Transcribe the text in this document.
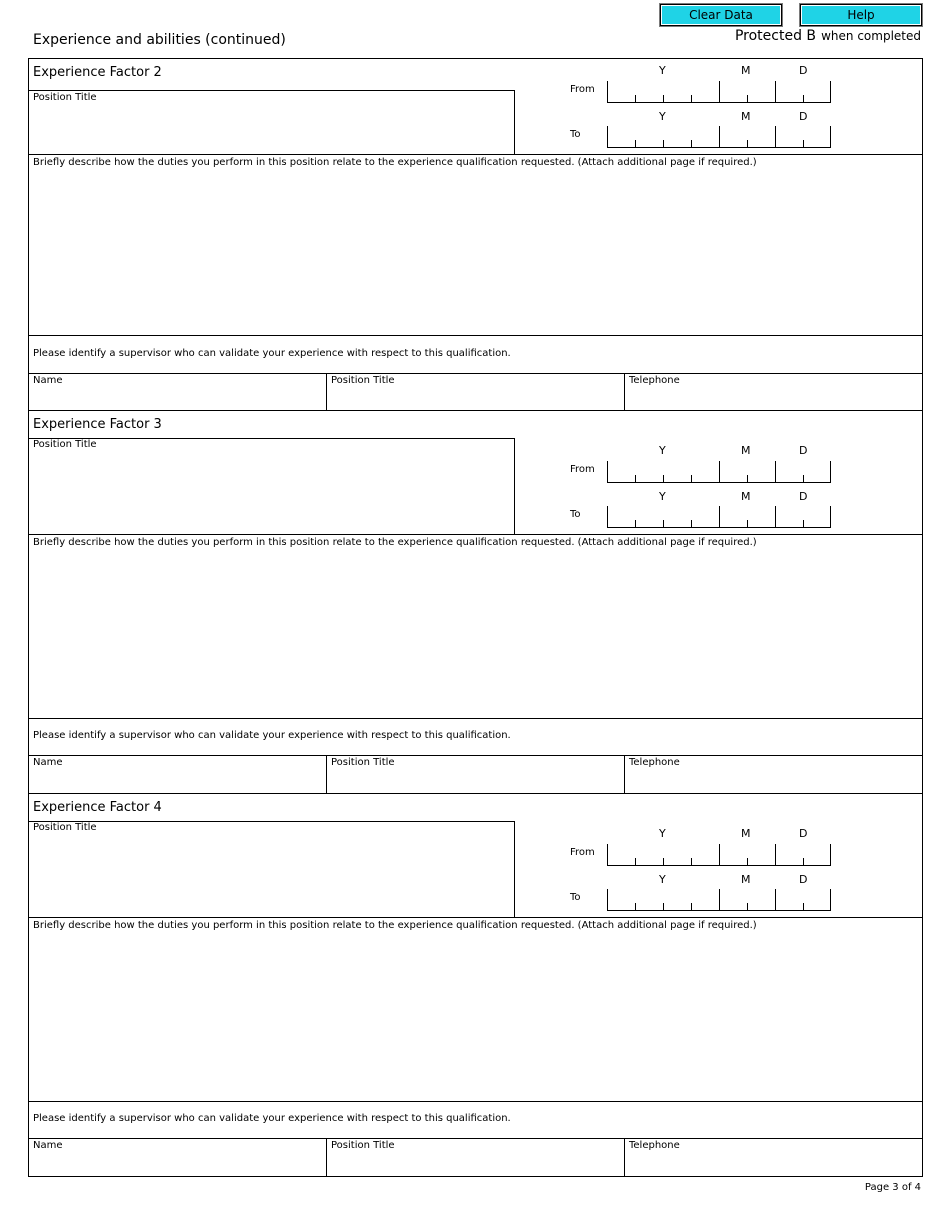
Clear Data	Help
Experience and abilities (continued)	Protected B when completed
Experience Factor 2
Position Title
Y	M	D
From
Y	M	D
To
Briefly describe how the duties you perform in this position relate to the experience qualification requested. (Attach additional page if required.)
Please identify a supervisor who can validate your experience with respect to this qualification.
Name	Position Title	Telephone
Experience Factor 3
Position Title	Y	M	D
From
Y	M	D
To
Briefly describe how the duties you perform in this position relate to the experience qualification requested. (Attach additional page if required.)
Please identify a supervisor who can validate your experience with respect to this qualification.
Name	Position Title	Telephone
Experience Factor 4
Position Title	Y	M	D
From
Y	M	D
To
Briefly describe how the duties you perform in this position relate to the experience qualification requested. (Attach additional page if required.)
Please identify a supervisor who can validate your experience with respect to this qualification.
Name	Position Title	Telephone
Page 3 of 4
